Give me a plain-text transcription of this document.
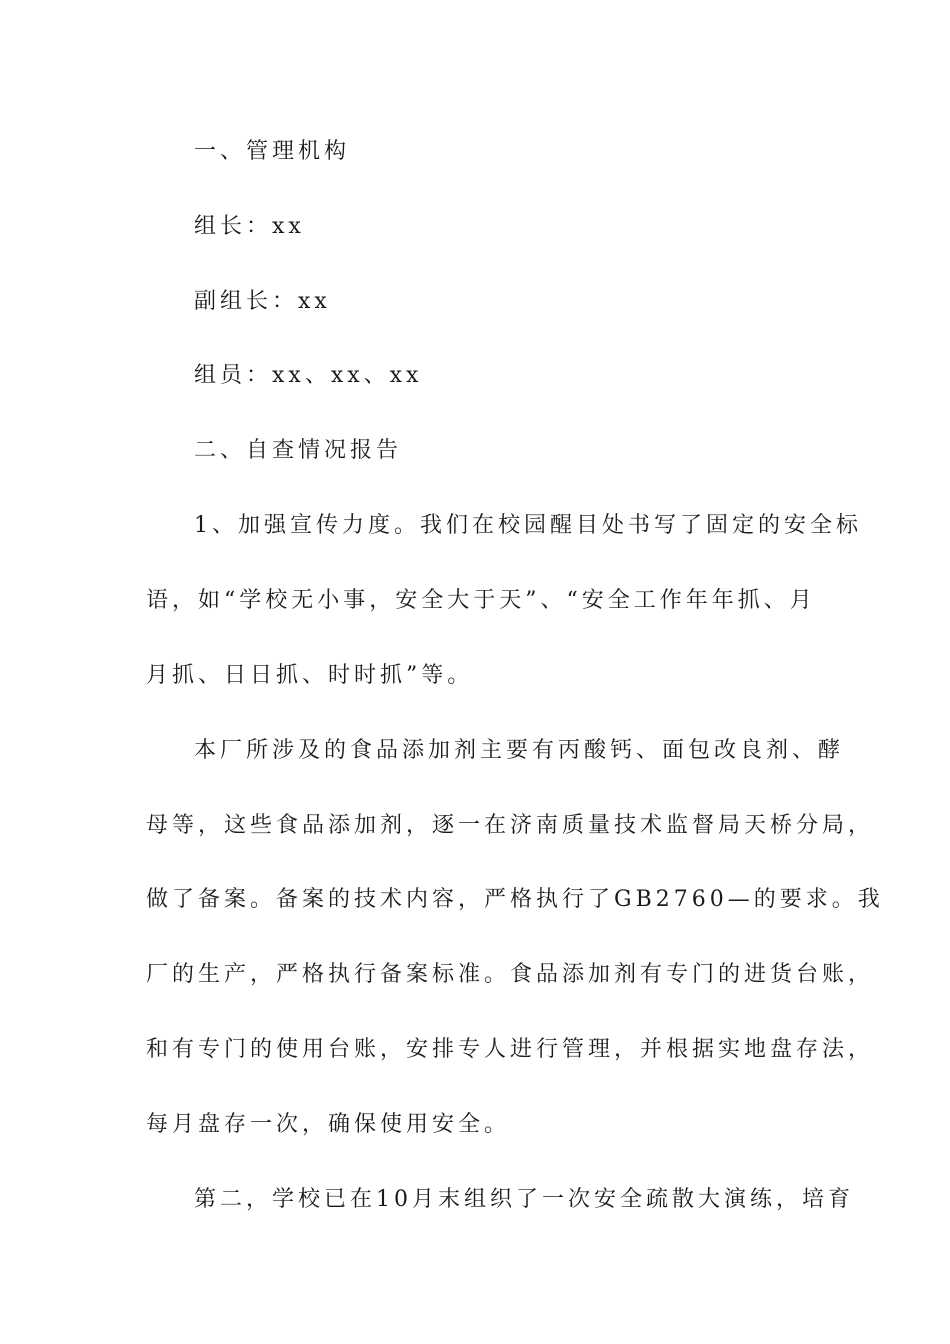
一、管理机构
组长：xx
副组长：xx
组员：xx、xx、xx
二、自查情况报告
1、加强宣传力度。我们在校园醒目处书写了固定的安全标
语，如“学校无小事，安全大于天”、“安全工作年年抓、月
月抓、日日抓、时时抓”等。
本厂所涉及的食品添加剂主要有丙酸钙、面包改良剂、酵
母等，这些食品添加剂，逐一在济南质量技术监督局天桥分局，
做了备案。备案的技术内容，严格执行了GB2760—的要求。我
厂的生产，严格执行备案标准。食品添加剂有专门的进货台账，
和有专门的使用台账，安排专人进行管理，并根据实地盘存法，
每月盘存一次，确保使用安全。
第二，学校已在10月末组织了一次安全疏散大演练，培育
